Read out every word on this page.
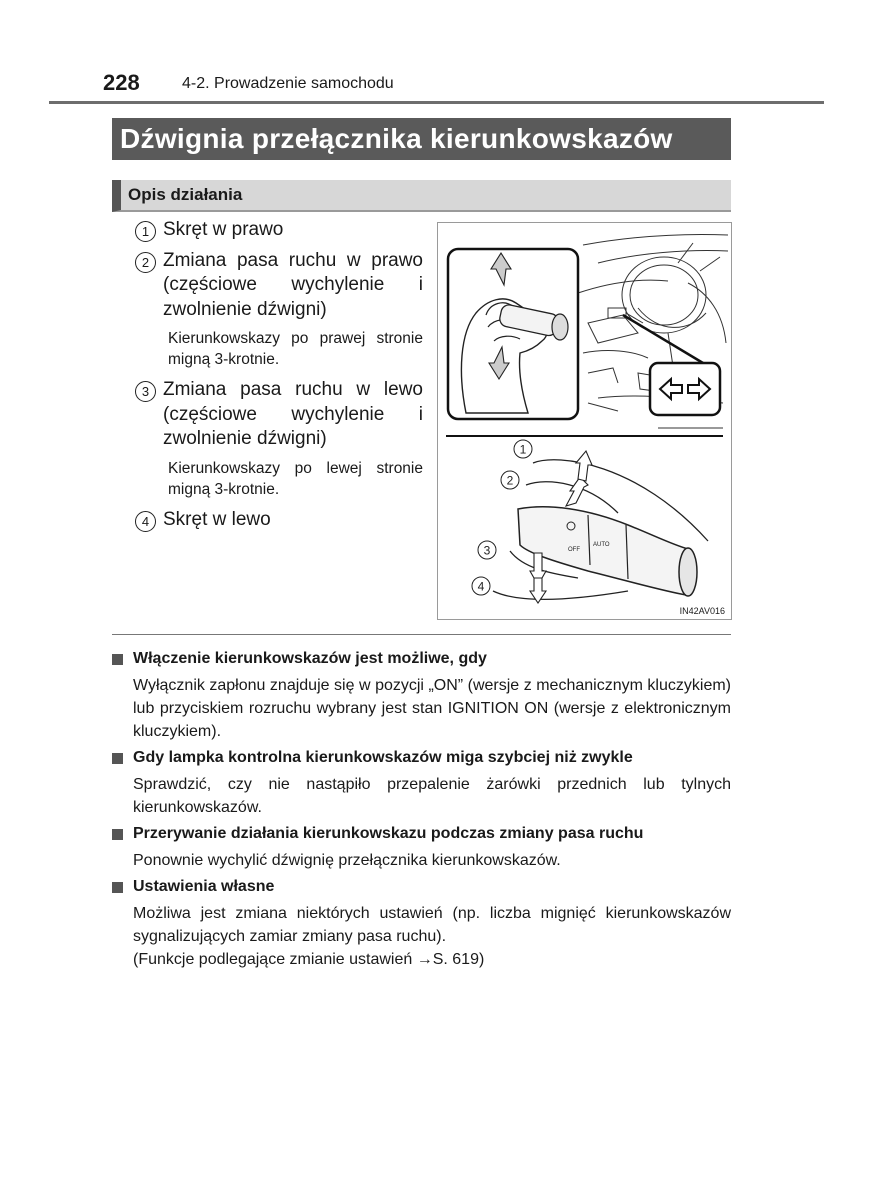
228	4-2. Prowadzenie samochodu
Dźwignia przełącznika kierunkowskazów
Opis działania
1 Skręt w prawo
2 Zmiana pasa ruchu w prawo (częściowe wychylenie i zwolnienie dźwigni)
Kierunkowskazy po prawej stronie migną 3-krotnie.
3 Zmiana pasa ruchu w lewo (częściowe wychylenie i zwolnienie dźwigni)
Kierunkowskazy po lewej stronie migną 3-krotnie.
4 Skręt w lewo
AUTO
OFF
1
2
3
4
IN42AV016
Włączenie kierunkowskazów jest możliwe, gdy
Wyłącznik zapłonu znajduje się w pozycji „ON” (wersje z mechanicznym kluczykiem) lub przyciskiem rozruchu wybrany jest stan IGNITION ON (wersje z elektronicznym kluczykiem).
Gdy lampka kontrolna kierunkowskazów miga szybciej niż zwykle
Sprawdzić, czy nie nastąpiło przepalenie żarówki przednich lub tylnych kierunkowskazów.
Przerywanie działania kierunkowskazu podczas zmiany pasa ruchu
Ponownie wychylić dźwignię przełącznika kierunkowskazów.
Ustawienia własne
Możliwa jest zmiana niektórych ustawień (np. liczba mignięć kierunkowskazów sygnalizujących zamiar zmiany pasa ruchu).
(Funkcje podlegające zmianie ustawień →S. 619)
